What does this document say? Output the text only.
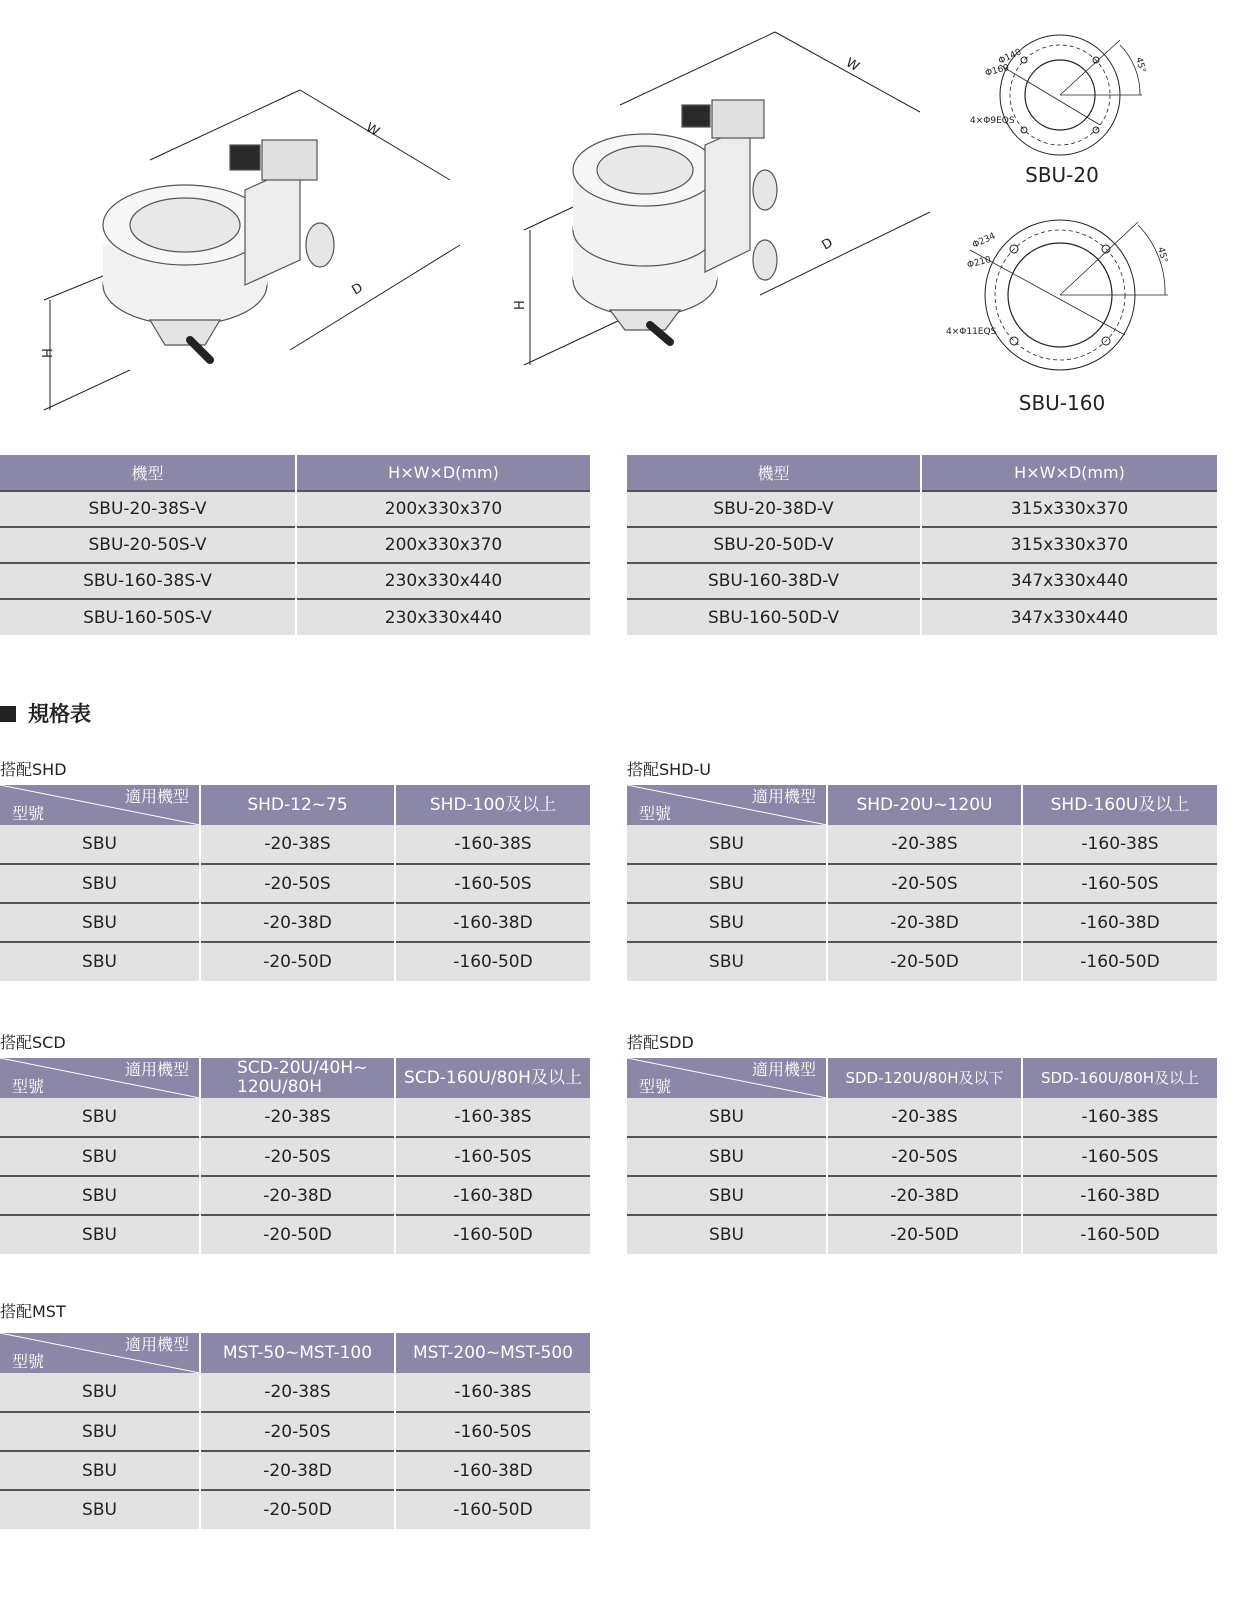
W
D
H
W
D
H
Φ140
Φ160
4×Φ9EQS
45°
SBU-20
Φ234
Φ210
4×Φ11EQS
45°
SBU-160
機型	H×W×D(mm)
SBU-20-38S-V	200x330x370
SBU-20-50S-V	200x330x370
SBU-160-38S-V	230x330x440
SBU-160-50S-V	230x330x440
機型	H×W×D(mm)
SBU-20-38D-V	315x330x370
SBU-20-50D-V	315x330x370
SBU-160-38D-V	347x330x440
SBU-160-50D-V	347x330x440
規格表
搭配SHD
適用機型
型號	SHD-12~75	SHD-100及以上
SBU	-20-38S	-160-38S
SBU	-20-50S	-160-50S
SBU	-20-38D	-160-38D
SBU	-20-50D	-160-50D
搭配SHD-U
適用機型
型號	SHD-20U~120U	SHD-160U及以上
SBU	-20-38S	-160-38S
SBU	-20-50S	-160-50S
SBU	-20-38D	-160-38D
SBU	-20-50D	-160-50D
搭配SCD
適用機型
型號	SCD-20U/40H~ 120U/80H	SCD-160U/80H及以上
SBU	-20-38S	-160-38S
SBU	-20-50S	-160-50S
SBU	-20-38D	-160-38D
SBU	-20-50D	-160-50D
搭配SDD
適用機型
型號	SDD-120U/80H及以下	SDD-160U/80H及以上
SBU	-20-38S	-160-38S
SBU	-20-50S	-160-50S
SBU	-20-38D	-160-38D
SBU	-20-50D	-160-50D
搭配MST
適用機型
型號	MST-50~MST-100	MST-200~MST-500
SBU	-20-38S	-160-38S
SBU	-20-50S	-160-50S
SBU	-20-38D	-160-38D
SBU	-20-50D	-160-50D
